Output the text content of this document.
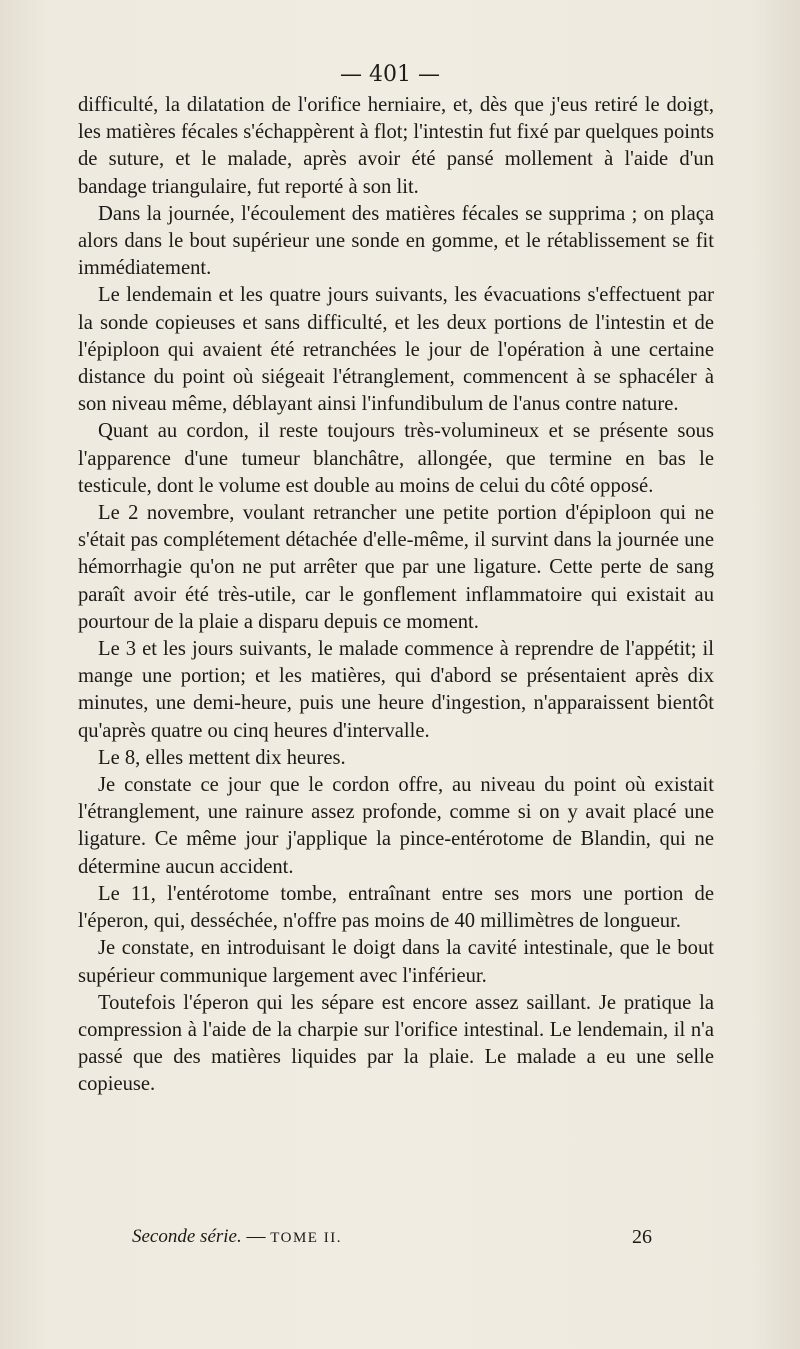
— 401 —

difficulté, la dilatation de l'orifice herniaire, et, dès que j'eus retiré le doigt, les matières fécales s'échappèrent à flot; l'intestin fut fixé par quelques points de suture, et le malade, après avoir été pansé mollement à l'aide d'un bandage triangulaire, fut reporté à son lit.

Dans la journée, l'écoulement des matières fécales se supprima ; on plaça alors dans le bout supérieur une sonde en gomme, et le rétablissement se fit immédiatement.

Le lendemain et les quatre jours suivants, les évacuations s'effectuent par la sonde copieuses et sans difficulté, et les deux portions de l'intestin et de l'épiploon qui avaient été retranchées le jour de l'opération à une certaine distance du point où siégeait l'étranglement, commencent à se sphacéler à son niveau même, déblayant ainsi l'infundibulum de l'anus contre nature.

Quant au cordon, il reste toujours très-volumineux et se présente sous l'apparence d'une tumeur blanchâtre, allongée, que termine en bas le testicule, dont le volume est double au moins de celui du côté opposé.

Le 2 novembre, voulant retrancher une petite portion d'épiploon qui ne s'était pas complétement détachée d'elle-même, il survint dans la journée une hémorrhagie qu'on ne put arrêter que par une ligature. Cette perte de sang paraît avoir été très-utile, car le gonflement inflammatoire qui existait au pourtour de la plaie a disparu depuis ce moment.

Le 3 et les jours suivants, le malade commence à reprendre de l'appétit; il mange une portion; et les matières, qui d'abord se présentaient après dix minutes, une demi-heure, puis une heure d'ingestion, n'apparaissent bientôt qu'après quatre ou cinq heures d'intervalle.

Le 8, elles mettent dix heures.

Je constate ce jour que le cordon offre, au niveau du point où existait l'étranglement, une rainure assez profonde, comme si on y avait placé une ligature. Ce même jour j'applique la pince-entérotome de Blandin, qui ne détermine aucun accident.

Le 11, l'entérotome tombe, entraînant entre ses mors une portion de l'éperon, qui, desséchée, n'offre pas moins de 40 millimètres de longueur.

Je constate, en introduisant le doigt dans la cavité intestinale, que le bout supérieur communique largement avec l'inférieur.

Toutefois l'éperon qui les sépare est encore assez saillant. Je pratique la compression à l'aide de la charpie sur l'orifice intestinal. Le lendemain, il n'a passé que des matières liquides par la plaie. Le malade a eu une selle copieuse.

Seconde série. — TOME II.	26
